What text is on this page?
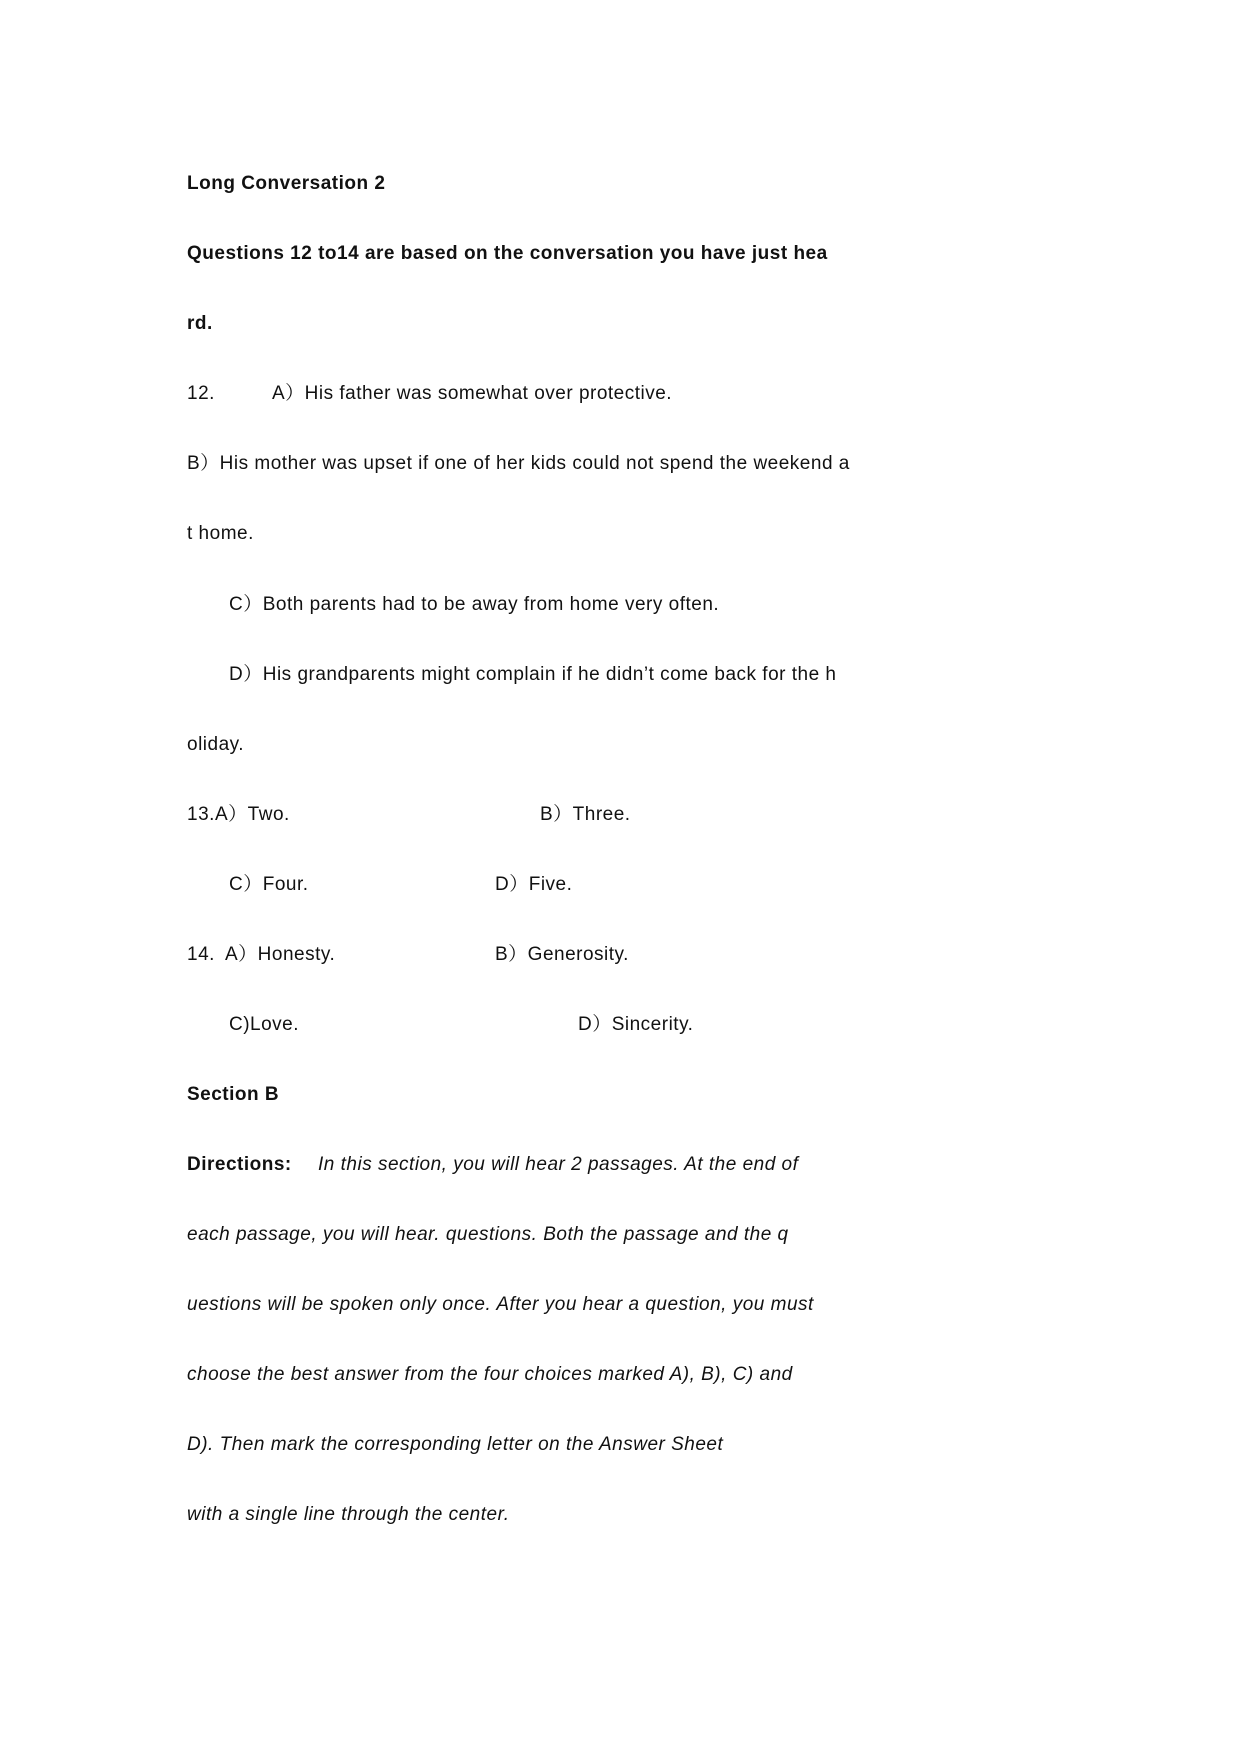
Long Conversation 2
Questions 12 to14 are based on the conversation you have just hea
rd.
12.	A）His father was somewhat over protective.
B）His mother was upset if one of her kids could not spend the weekend a
t home.
C）Both parents had to be away from home very often.
D）His grandparents might complain if he didn’t come back for the h
oliday.
13. A）Two.	B）Three.
C）Four.	D）Five.
14. A）Honesty.	B）Generosity.
C)Love.	D）Sincerity.
Section B
Directions: In this section, you will hear 2 passages. At the end of
each passage, you will hear. questions. Both the passage and the q
uestions will be spoken only once. After you hear a question, you must
choose the best answer from the four choices marked A), B), C) and
D). Then mark the corresponding letter on the Answer Sheet
with a single line through the center.
